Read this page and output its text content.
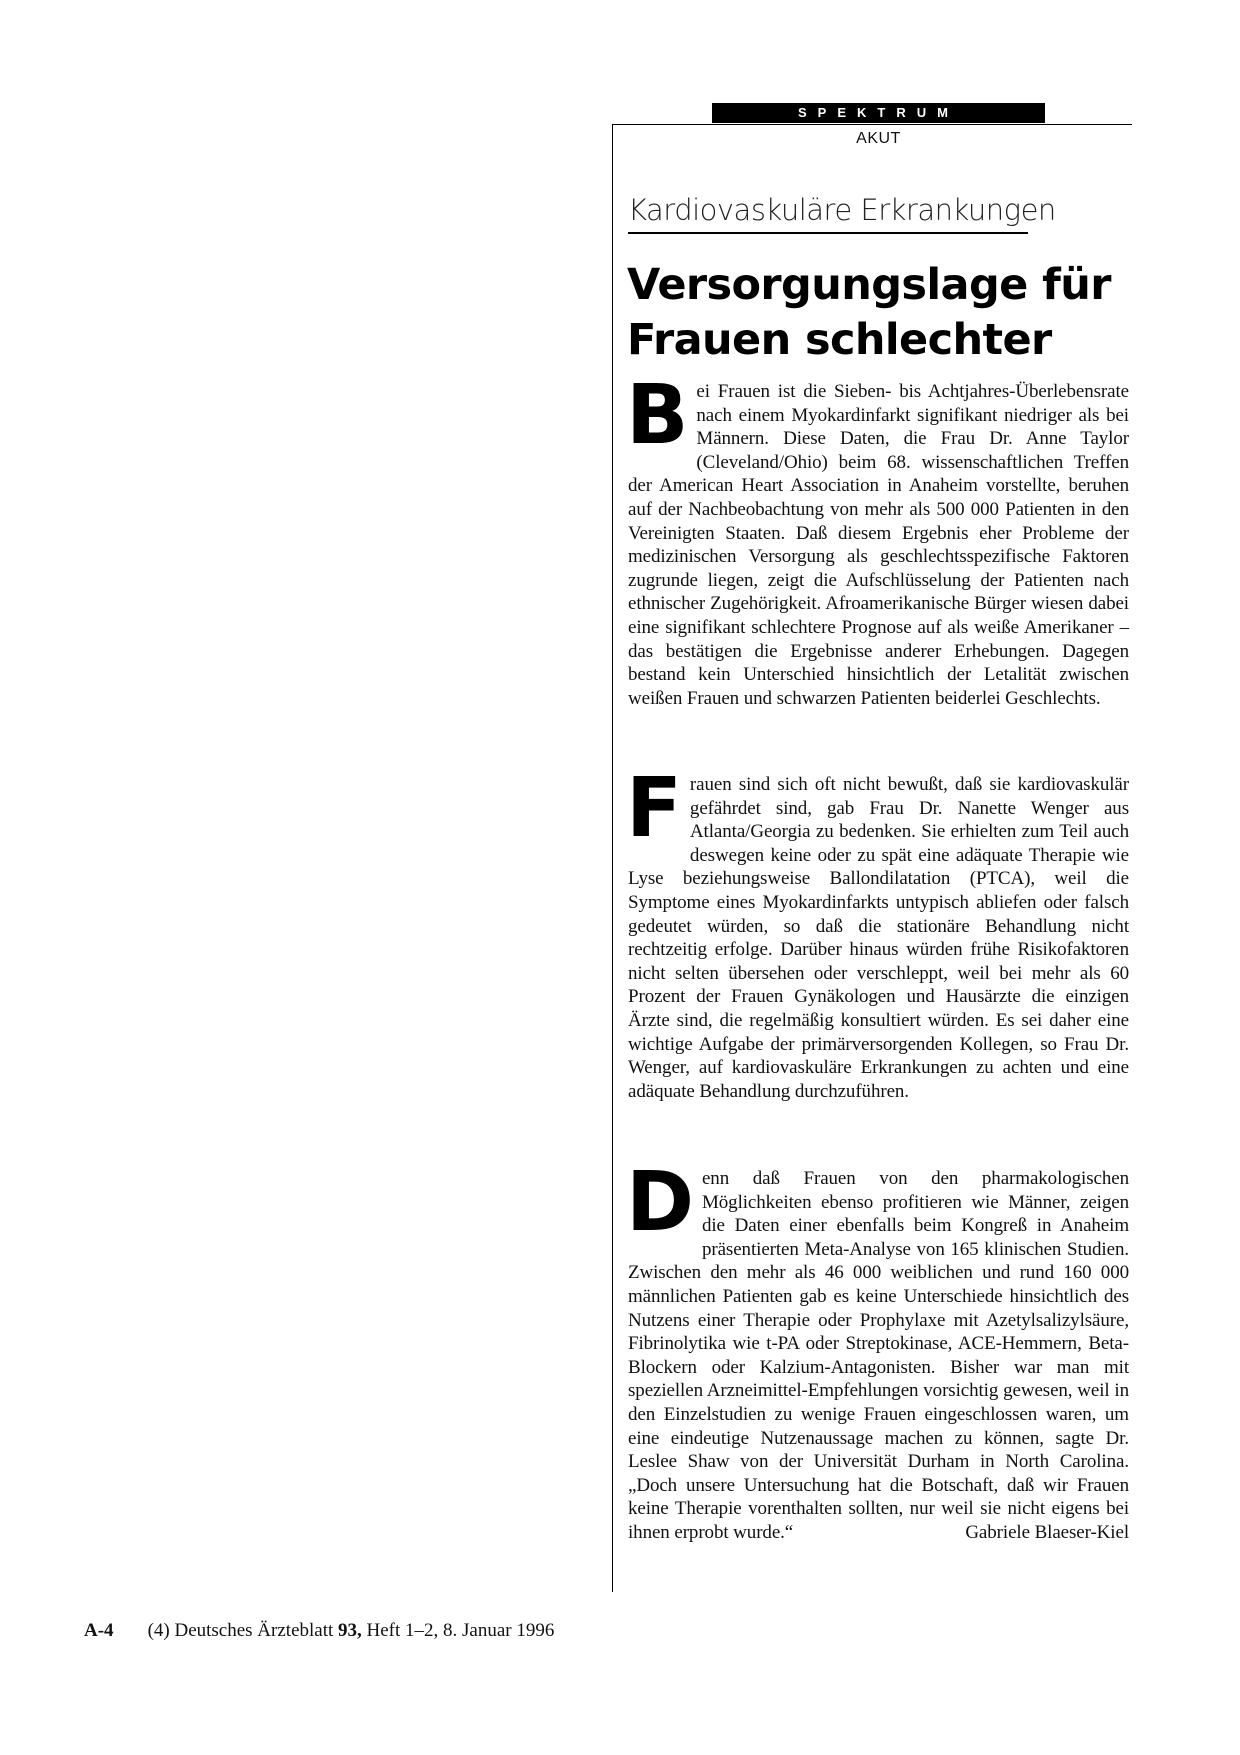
SPEKTRUM
AKUT
Kardiovaskuläre Erkrankungen
Versorgungslage für
Frauen schlechter

Bei Frauen ist die Sieben- bis Achtjahres-Überlebensrate nach einem Myokardinfarkt signifikant niedriger als bei Männern. Diese Daten, die Frau Dr. Anne Taylor (Cleveland/Ohio) beim 68. wissenschaftlichen Treffen der American Heart Association in Anaheim vorstellte, beruhen auf der Nachbeobachtung von mehr als 500 000 Patienten in den Vereinigten Staaten. Daß diesem Ergebnis eher Probleme der medizinischen Versorgung als geschlechtsspezifische Faktoren zugrunde liegen, zeigt die Aufschlüsselung der Patienten nach ethnischer Zugehörigkeit. Afroamerikanische Bürger wiesen dabei eine signifikant schlechtere Prognose auf als weiße Amerikaner – das bestätigen die Ergebnisse anderer Erhebungen. Dagegen bestand kein Unterschied hinsichtlich der Letalität zwischen weißen Frauen und schwarzen Patienten beiderlei Geschlechts.

Frauen sind sich oft nicht bewußt, daß sie kardiovaskulär gefährdet sind, gab Frau Dr. Nanette Wenger aus Atlanta/Georgia zu bedenken. Sie erhielten zum Teil auch deswegen keine oder zu spät eine adäquate Therapie wie Lyse beziehungsweise Ballondilatation (PTCA), weil die Symptome eines Myokardinfarkts untypisch abliefen oder falsch gedeutet würden, so daß die stationäre Behandlung nicht rechtzeitig erfolge. Darüber hinaus würden frühe Risikofaktoren nicht selten übersehen oder verschleppt, weil bei mehr als 60 Prozent der Frauen Gynäkologen und Hausärzte die einzigen Ärzte sind, die regelmäßig konsultiert würden. Es sei daher eine wichtige Aufgabe der primärversorgenden Kollegen, so Frau Dr. Wenger, auf kardiovaskuläre Erkrankungen zu achten und eine adäquate Behandlung durchzuführen.

Denn daß Frauen von den pharmakologischen Möglichkeiten ebenso profitieren wie Männer, zeigen die Daten einer ebenfalls beim Kongreß in Anaheim präsentierten Meta-Analyse von 165 klinischen Studien. Zwischen den mehr als 46 000 weiblichen und rund 160 000 männlichen Patienten gab es keine Unterschiede hinsichtlich des Nutzens einer Therapie oder Prophylaxe mit Azetylsalizylsäure, Fibrinolytika wie t-PA oder Streptokinase, ACE-Hemmern, Beta-Blockern oder Kalzium-Antagonisten. Bisher war man mit speziellen Arzneimittel-Empfehlungen vorsichtig gewesen, weil in den Einzelstudien zu wenige Frauen eingeschlossen waren, um eine eindeutige Nutzenaussage machen zu können, sagte Dr. Leslee Shaw von der Universität Durham in North Carolina. „Doch unsere Untersuchung hat die Botschaft, daß wir Frauen keine Therapie vorenthalten sollten, nur weil sie nicht eigens bei ihnen erprobt wurde.“	Gabriele Blaeser-Kiel

A-4 (4) Deutsches Ärzteblatt 93, Heft 1–2, 8. Januar 1996
